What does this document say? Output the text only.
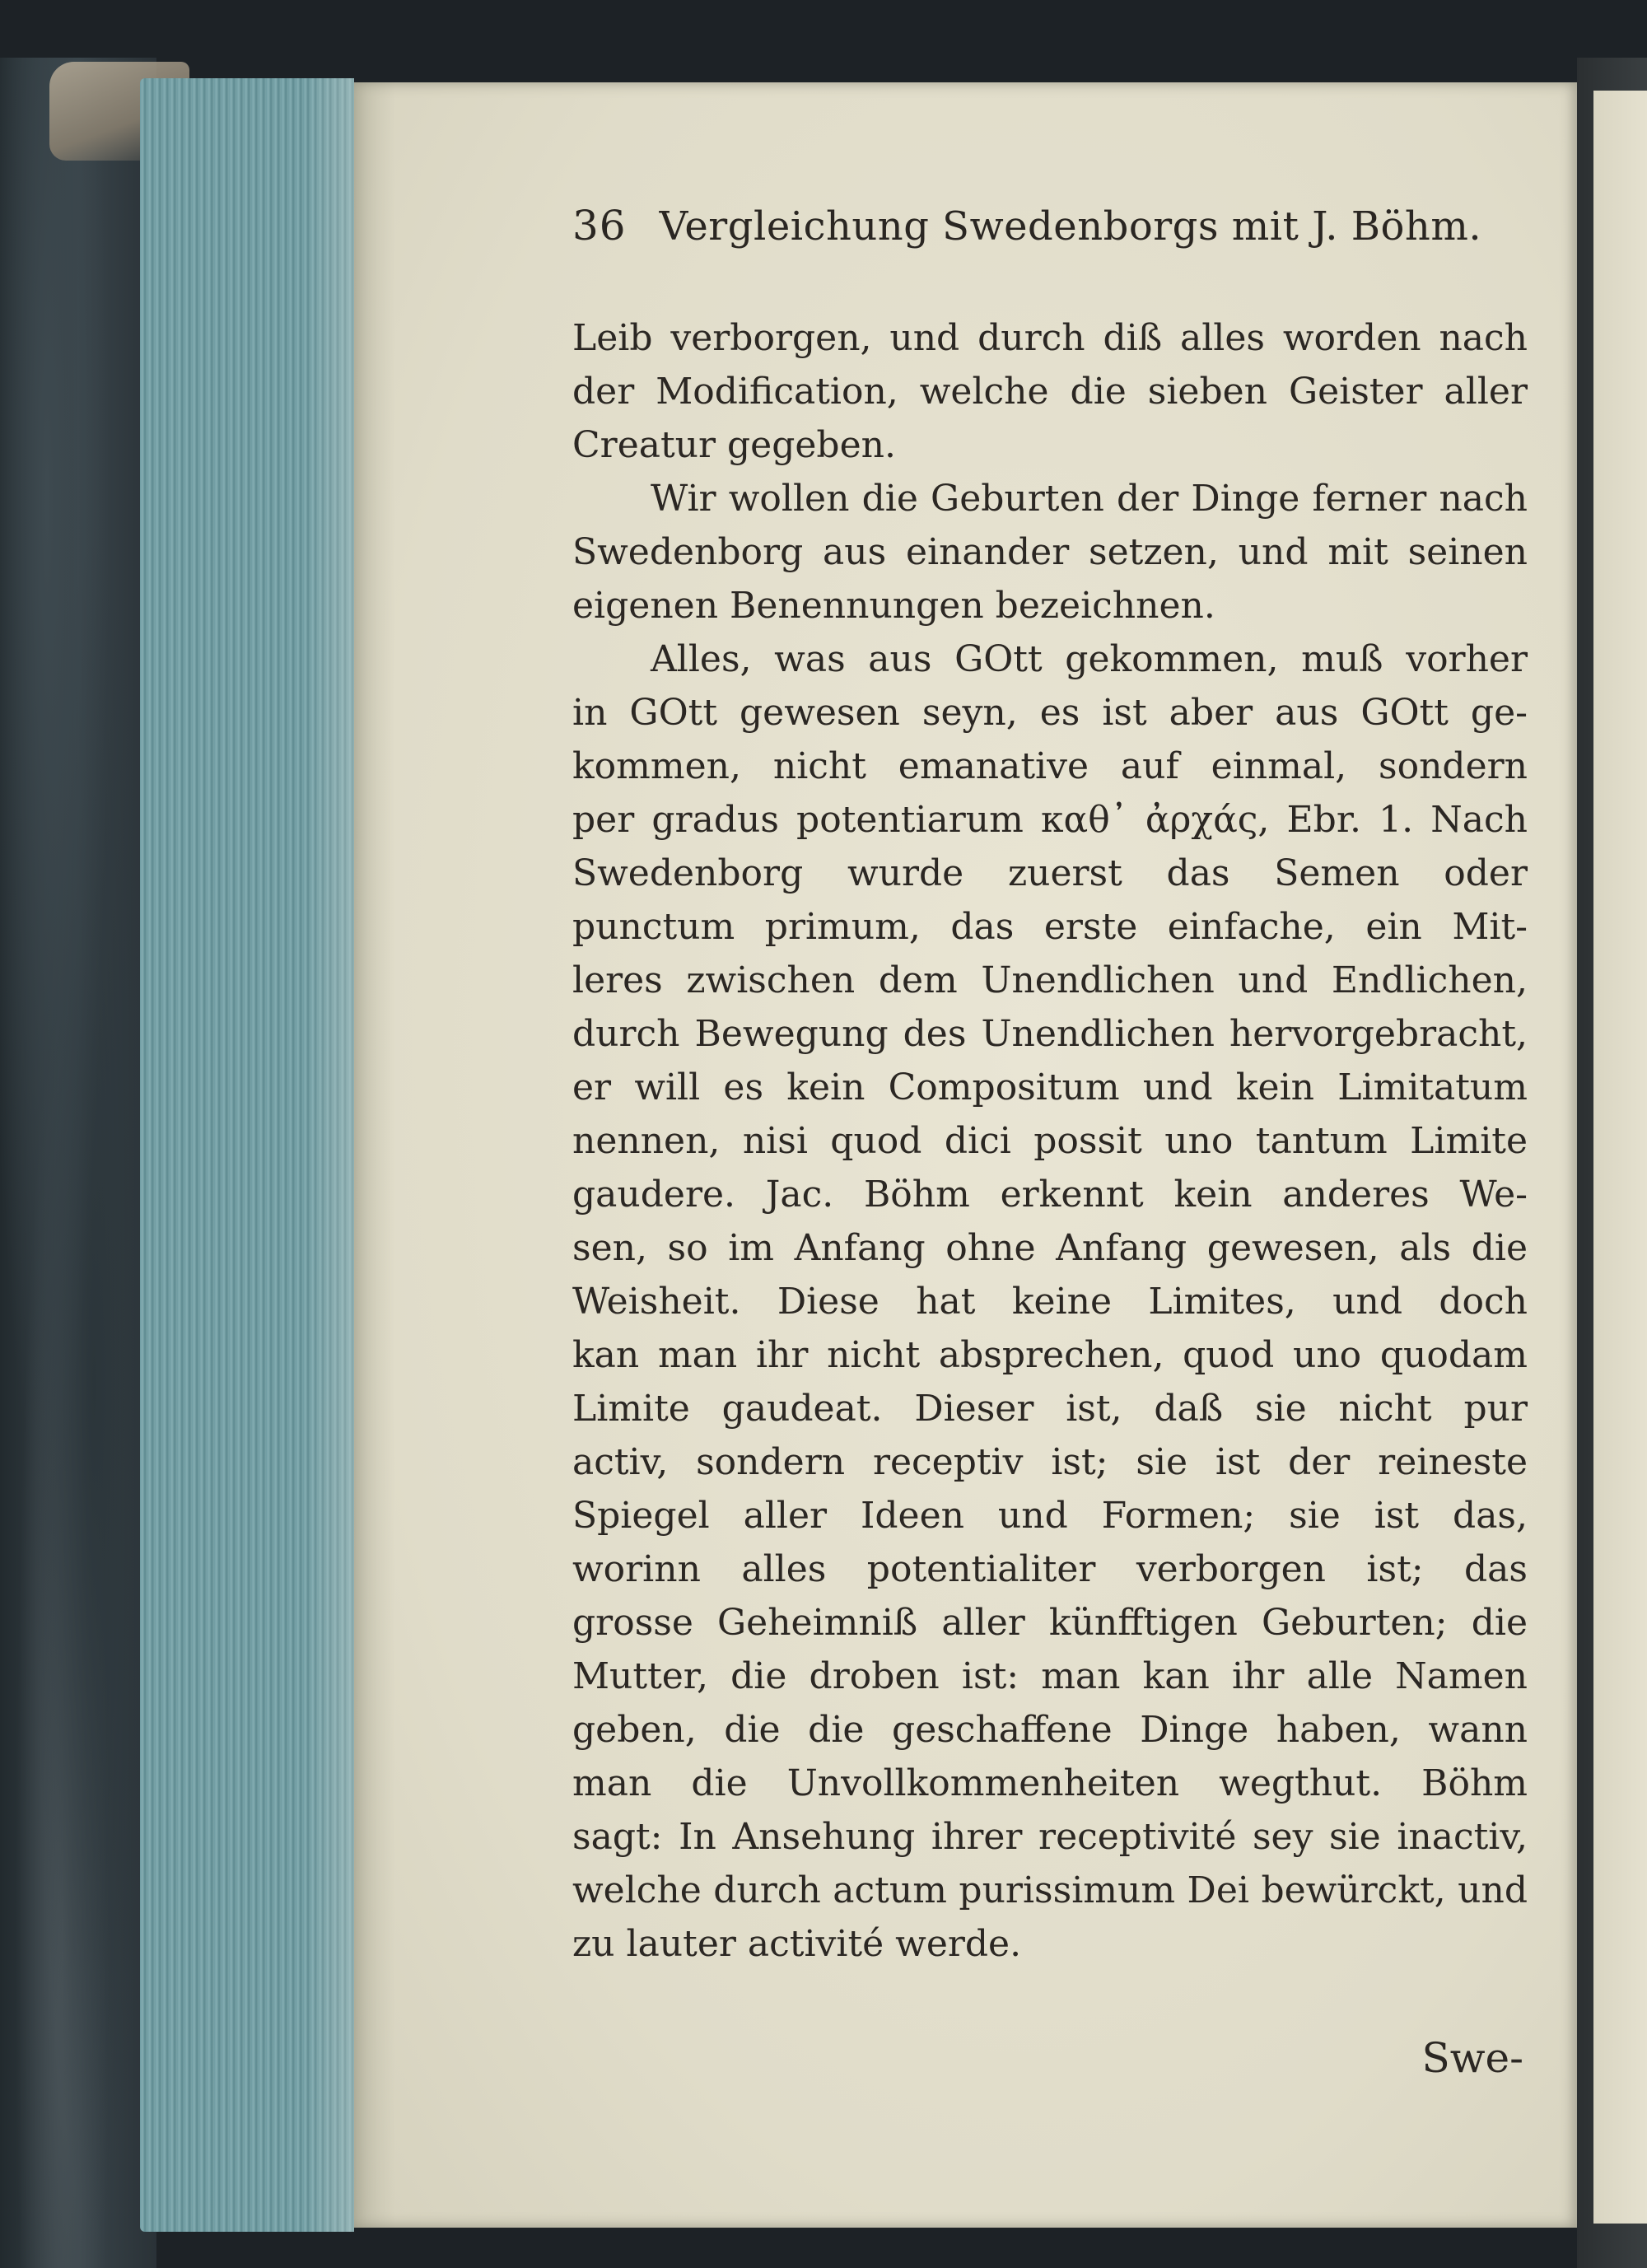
36 Vergleichung Swedenborgs mit J. Böhm.
Leib verborgen, und durch diß alles worden nach
der Modification, welche die sieben Geister aller
Creatur gegeben.
Wir wollen die Geburten der Dinge ferner nach
Swedenborg aus einander setzen, und mit seinen
eigenen Benennungen bezeichnen.
Alles, was aus GOtt gekommen, muß vorher
in GOtt gewesen seyn, es ist aber aus GOtt ge-
kommen, nicht emanative auf einmal, sondern
per gradus potentiarum καθ᾽ ἀρχάς, Ebr. 1. Nach
Swedenborg wurde zuerst das Semen oder
punctum primum, das erste einfache, ein Mit-
leres zwischen dem Unendlichen und Endlichen,
durch Bewegung des Unendlichen hervorgebracht,
er will es kein Compositum und kein Limitatum
nennen, nisi quod dici possit uno tantum Limite
gaudere. Jac. Böhm erkennt kein anderes We-
sen, so im Anfang ohne Anfang gewesen, als die
Weisheit. Diese hat keine Limites, und doch
kan man ihr nicht absprechen, quod uno quodam
Limite gaudeat. Dieser ist, daß sie nicht pur
activ, sondern receptiv ist; sie ist der reineste
Spiegel aller Ideen und Formen; sie ist das,
worinn alles potentialiter verborgen ist; das
grosse Geheimniß aller künfftigen Geburten; die
Mutter, die droben ist: man kan ihr alle Namen
geben, die die geschaffene Dinge haben, wann
man die Unvollkommenheiten wegthut. Böhm
sagt: In Ansehung ihrer receptivité sey sie inactiv,
welche durch actum purissimum Dei bewürckt, und
zu lauter activité werde.
Swe-
